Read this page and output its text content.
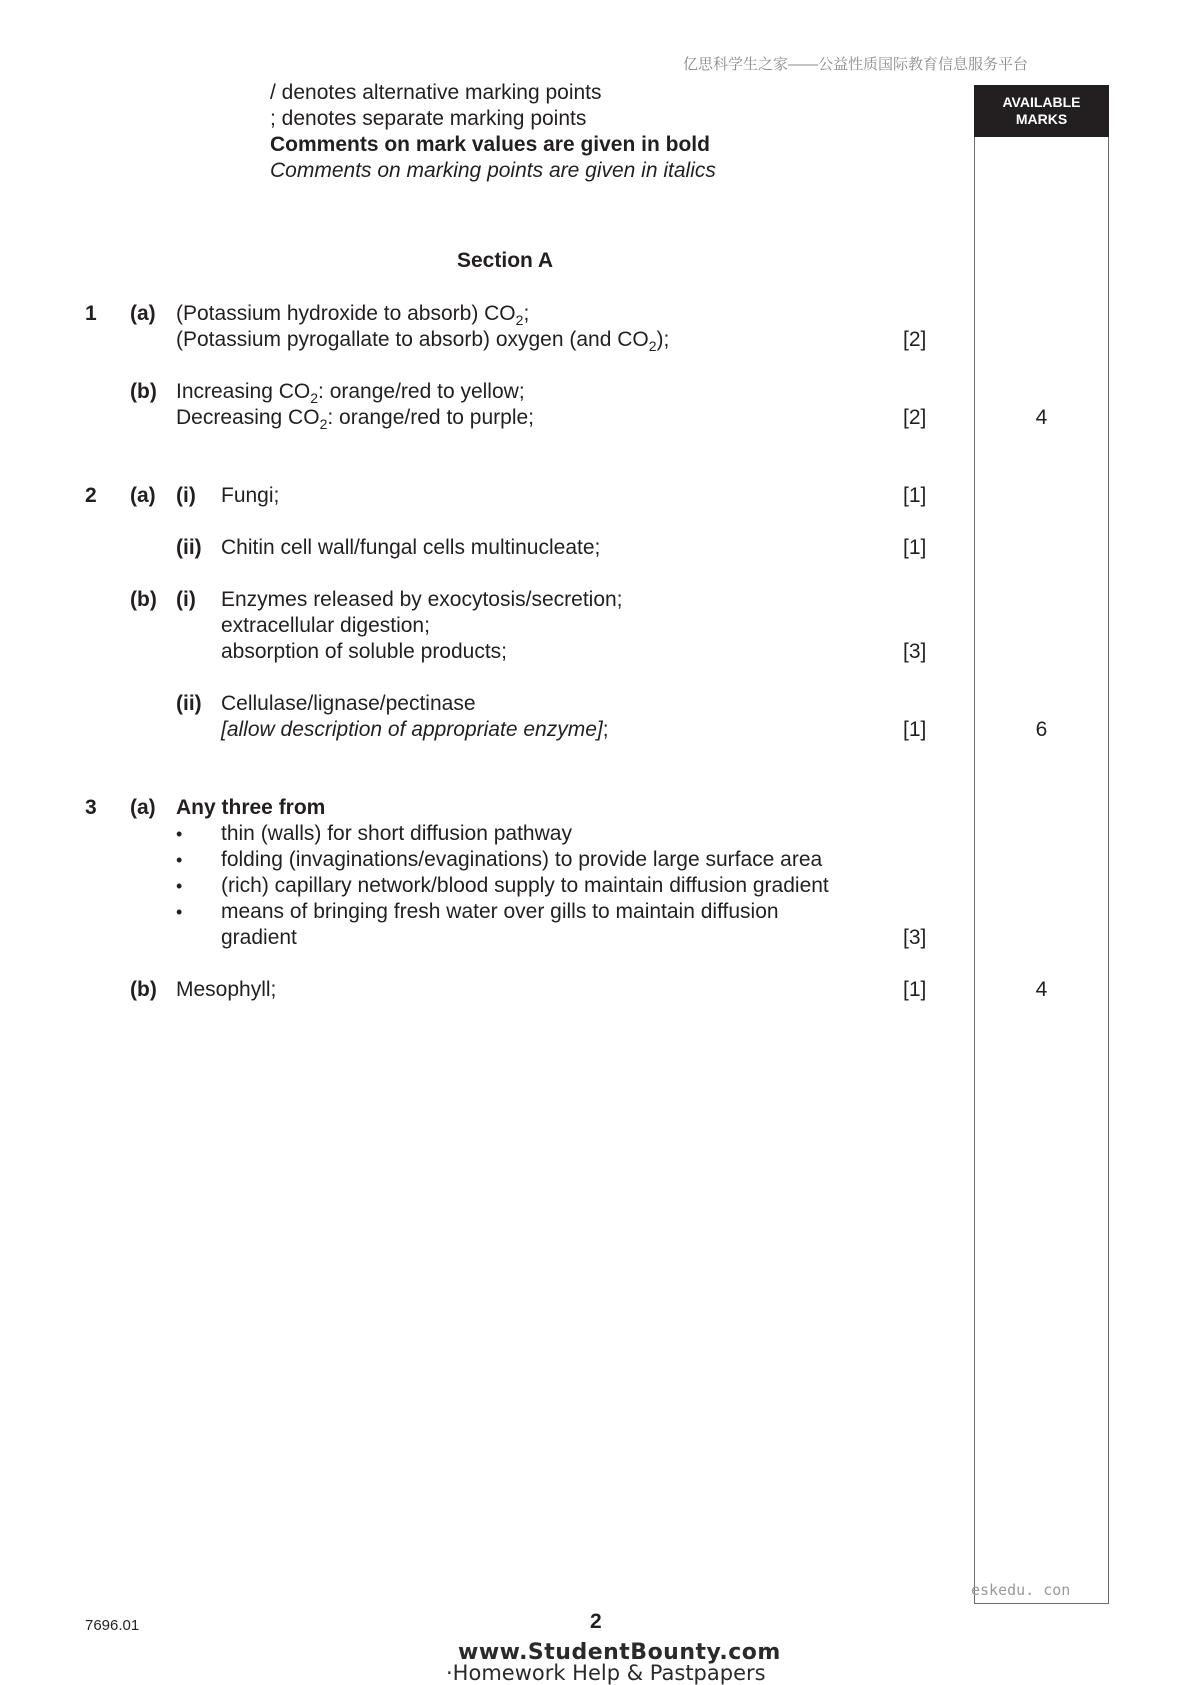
亿思科学生之家——公益性质国际教育信息服务平台
/ denotes alternative marking points
; denotes separate marking points
Comments on mark values are given in bold
Comments on marking points are given in italics
AVAILABLE
MARKS
Section A
1 (a) (Potassium hydroxide to absorb) $CO_2$;
(Potassium pyrogallate to absorb) oxygen (and $CO_2$);	[2]
(b) Increasing $CO_2$: orange/red to yellow;
Decreasing $CO_2$: orange/red to purple;	[2]	4
2 (a) (i) Fungi;	[1]
(ii) Chitin cell wall/fungal cells multinucleate;	[1]
(b) (i) Enzymes released by exocytosis/secretion;
extracellular digestion;
absorption of soluble products;	[3]
(ii) Cellulase/lignase/pectinase
[allow description of appropriate enzyme];	[1]	6
3 (a) Any three from
• thin (walls) for short diffusion pathway
• folding (invaginations/evaginations) to provide large surface area
• (rich) capillary network/blood supply to maintain diffusion gradient
• means of bringing fresh water over gills to maintain diffusion
gradient	[3]
(b) Mesophyll;	[1]	4
eskedu. con
7696.01	2
www.StudentBounty.com
·Homework Help & Pastpapers
